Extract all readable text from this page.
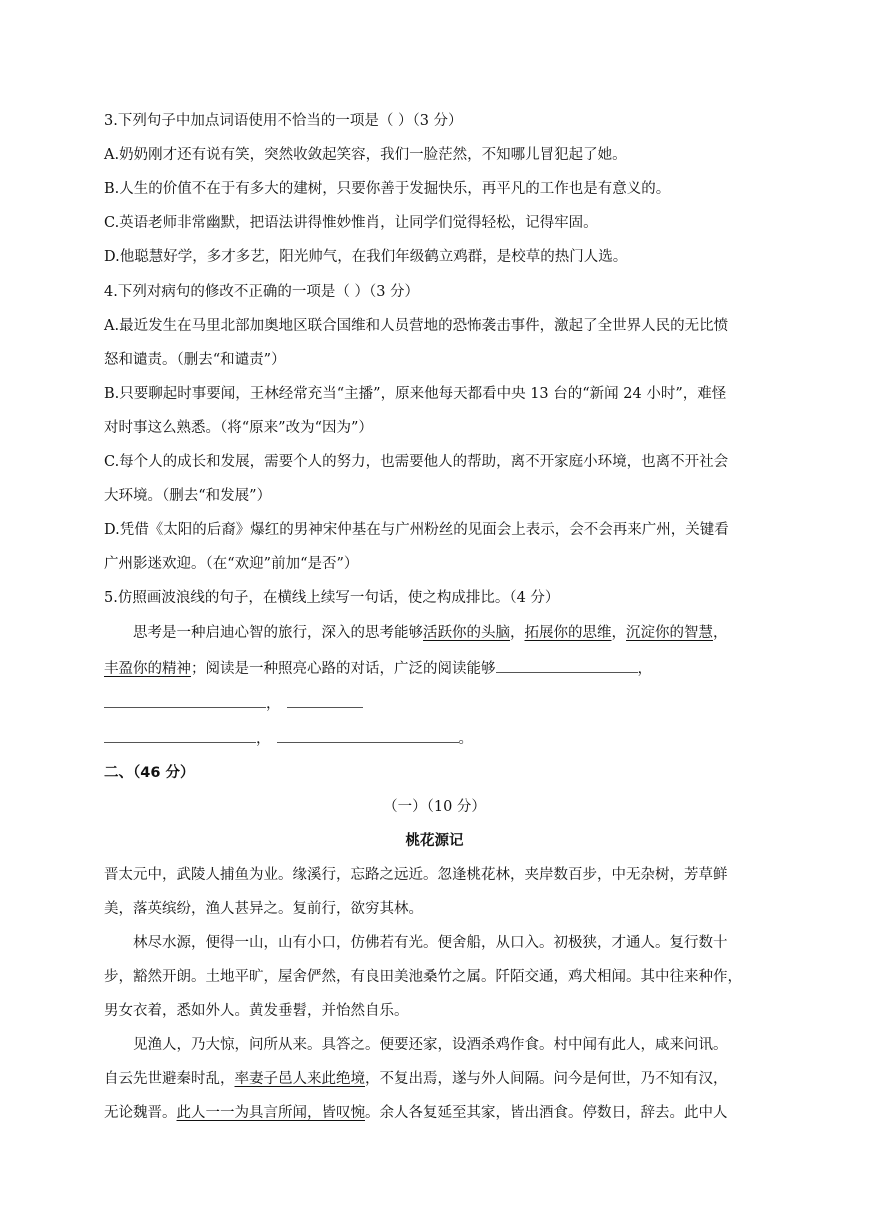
3.下列句子中加点词语使用不恰当的一项是（ ）（3 分）
A.奶奶刚才还有说有笑，突然收敛起笑容，我们一脸茫然，不知哪儿冒犯起了她。
B.人生的价值不在于有多大的建树，只要你善于发掘快乐，再平凡的工作也是有意义的。
C.英语老师非常幽默，把语法讲得惟妙惟肖，让同学们觉得轻松，记得牢固。
D.他聪慧好学，多才多艺，阳光帅气，在我们年级鹤立鸡群，是校草的热门人选。
4.下列对病句的修改不正确的一项是（ ）（3 分）
A.最近发生在马里北部加奥地区联合国维和人员营地的恐怖袭击事件，激起了全世界人民的无比愤
怒和谴责。（删去“和谴责”）
B.只要聊起时事要闻，王林经常充当“主播”，原来他每天都看中央 13 台的“新闻 24 小时”，难怪
对时事这么熟悉。（将“原来”改为“因为”）
C.每个人的成长和发展，需要个人的努力，也需要他人的帮助，离不开家庭小环境，也离不开社会
大环境。（删去“和发展”）
D.凭借《太阳的后裔》爆红的男神宋仲基在与广州粉丝的见面会上表示，会不会再来广州，关键看
广州影迷欢迎。（在“欢迎”前加“是否”）
5.仿照画波浪线的句子，在横线上续写一句话，使之构成排比。（4 分）
思考是一种启迪心智的旅行，深入的思考能够活跃你的头脑，拓展你的思维，沉淀你的智慧，
丰盈你的精神；阅读是一种照亮心路的对话，广泛的阅读能够	，
，
，	。
二、（46 分）
（一）（10 分）
桃花源记
晋太元中，武陵人捕鱼为业。缘溪行，忘路之远近。忽逢桃花林，夹岸数百步，中无杂树，芳草鲜
美，落英缤纷，渔人甚异之。复前行，欲穷其林。
林尽水源，便得一山，山有小口，仿佛若有光。便舍船，从口入。初极狭，才通人。复行数十
步，豁然开朗。土地平旷，屋舍俨然，有良田美池桑竹之属。阡陌交通，鸡犬相闻。其中往来种作，
男女衣着，悉如外人。黄发垂髫，并怡然自乐。
见渔人，乃大惊，问所从来。具答之。便要还家，设酒杀鸡作食。村中闻有此人，咸来问讯。
自云先世避秦时乱，率妻子邑人来此绝境，不复出焉，遂与外人间隔。问今是何世，乃不知有汉，
无论魏晋。此人一一为具言所闻，皆叹惋。余人各复延至其家，皆出酒食。停数日，辞去。此中人
